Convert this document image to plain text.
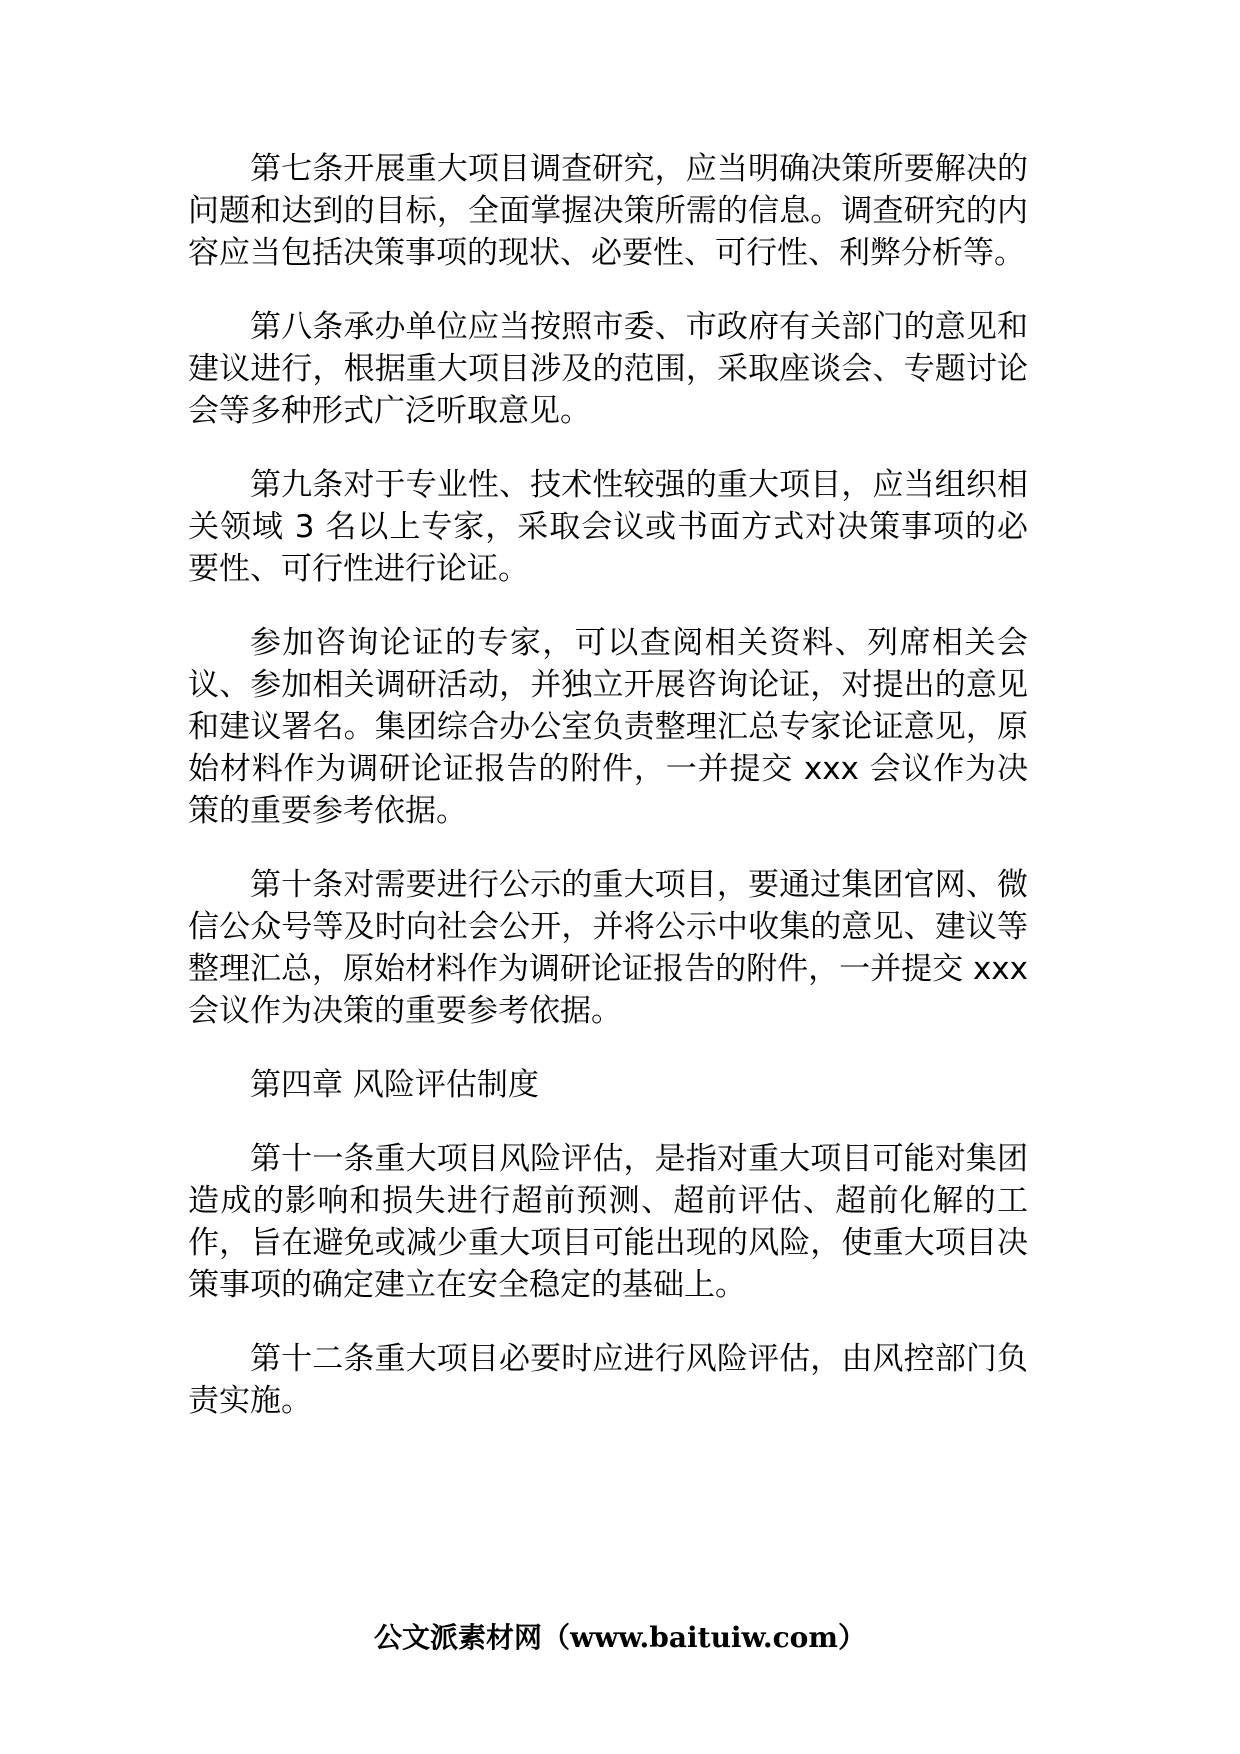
第七条开展重大项目调查研究，应当明确决策所要解决的问题和达到的目标，全面掌握决策所需的信息。调查研究的内容应当包括决策事项的现状、必要性、可行性、利弊分析等。

第八条承办单位应当按照市委、市政府有关部门的意见和建议进行，根据重大项目涉及的范围，采取座谈会、专题讨论会等多种形式广泛听取意见。

第九条对于专业性、技术性较强的重大项目，应当组织相关领域 3 名以上专家，采取会议或书面方式对决策事项的必要性、可行性进行论证。

参加咨询论证的专家，可以查阅相关资料、列席相关会议、参加相关调研活动，并独立开展咨询论证，对提出的意见和建议署名。集团综合办公室负责整理汇总专家论证意见，原始材料作为调研论证报告的附件，一并提交 xxx 会议作为决策的重要参考依据。

第十条对需要进行公示的重大项目，要通过集团官网、微信公众号等及时向社会公开，并将公示中收集的意见、建议等整理汇总，原始材料作为调研论证报告的附件，一并提交 xxx 会议作为决策的重要参考依据。

第四章 风险评估制度

第十一条重大项目风险评估，是指对重大项目可能对集团造成的影响和损失进行超前预测、超前评估、超前化解的工作，旨在避免或减少重大项目可能出现的风险，使重大项目决策事项的确定建立在安全稳定的基础上。

第十二条重大项目必要时应进行风险评估，由风控部门负责实施。

公文派素材网（www.baituiw.com）
